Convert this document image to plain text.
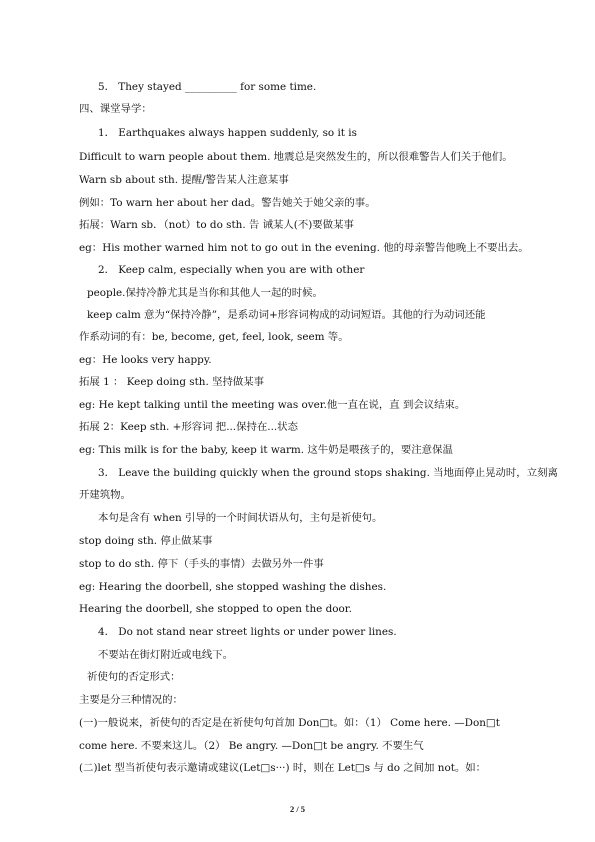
5． They stayed __________ for some time.
四、课堂导学：
1． Earthquakes always happen suddenly, so it is
Difficult to warn people about them. 地震总是突然发生的，所以很难警告人们关于他们。
Warn sb about sth. 提醒/警告某人注意某事
例如：To warn her about her dad。警告她关于她父亲的事。
拓展：Warn sb．（not）to do sth. 告 诫某人(不)要做某事
eg：His mother warned him not to go out in the evening. 他的母亲警告他晚上不要出去。
2． Keep calm, especially when you are with other
people.保持冷静尤其是当你和其他人一起的时候。
keep calm 意为“保持冷静”，是系动词+形容词构成的动词短语。其他的行为动词还能
作系动词的有：be, become, get, feel, look, seem 等。
eg：He looks very happy.
拓展 1 ： Keep doing sth. 坚持做某事
eg: He kept talking until the meeting was over.他一直在说，直 到会议结束。
拓展 2：Keep sth. +形容词 把...保持在...状态
eg: This milk is for the baby, keep it warm. 这牛奶是喂孩子的，要注意保温
3． Leave the building quickly when the ground stops shaking. 当地面停止晃动时，立刻离
开建筑物。
本句是含有 when 引导的一个时间状语从句，主句是祈使句。
stop doing sth. 停止做某事
stop to do sth. 停下（手头的事情）去做另外一件事
eg: Hearing the doorbell, she stopped washing the dishes.
Hearing the doorbell, she stopped to open the door.
4． Do not stand near street lights or under power lines.
不要站在街灯附近或电线下。
祈使句的否定形式：
主要是分三种情况的：
(一)一般说来，祈使句的否定是在祈使句句首加 Don□t。如：（1） Come here. —Don□t
come here. 不要来这儿。（2） Be angry. —Don□t be angry. 不要生气
(二)let 型当祈使句表示邀请或建议(Let□s···) 时，则在 Let□s 与 do 之间加 not。如：
2 / 5
